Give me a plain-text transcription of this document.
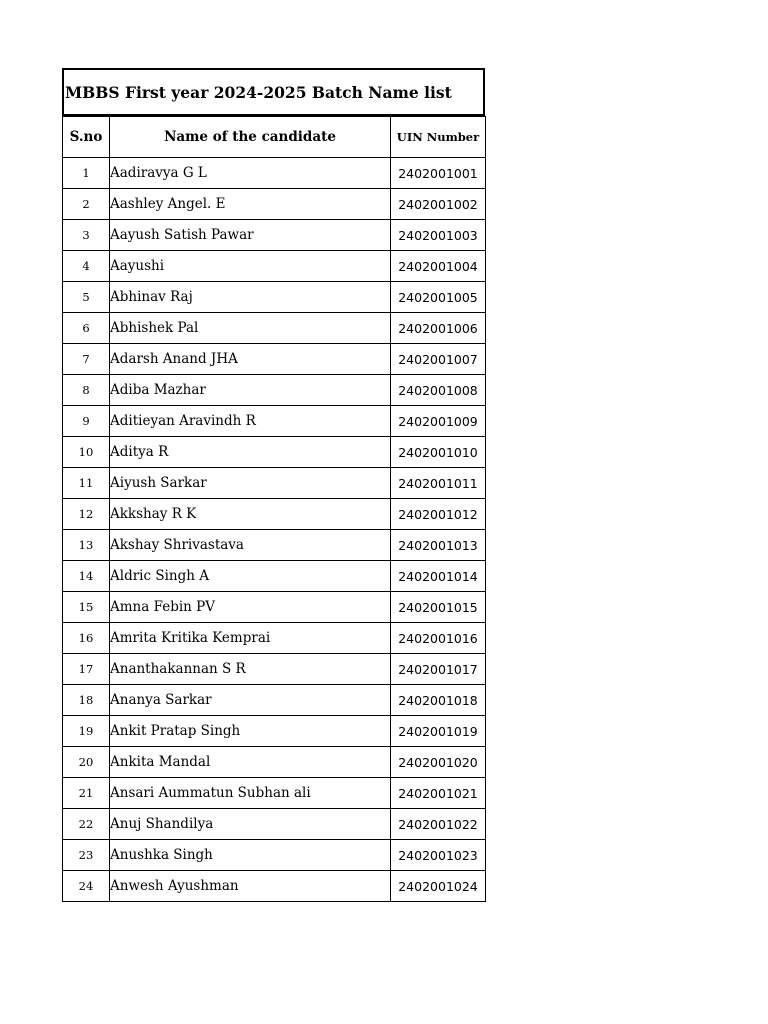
MBBS First year 2024-2025 Batch Name list
S.no	Name of the candidate	UIN Number
1	Aadiravya G L	2402001001
2	Aashley Angel. E	2402001002
3	Aayush Satish Pawar	2402001003
4	Aayushi	2402001004
5	Abhinav Raj	2402001005
6	Abhishek Pal	2402001006
7	Adarsh Anand JHA	2402001007
8	Adiba Mazhar	2402001008
9	Aditieyan Aravindh R	2402001009
10	Aditya R	2402001010
11	Aiyush Sarkar	2402001011
12	Akkshay R K	2402001012
13	Akshay Shrivastava	2402001013
14	Aldric Singh A	2402001014
15	Amna Febin PV	2402001015
16	Amrita Kritika Kemprai	2402001016
17	Ananthakannan S R	2402001017
18	Ananya Sarkar	2402001018
19	Ankit Pratap Singh	2402001019
20	Ankita Mandal	2402001020
21	Ansari Aummatun Subhan ali	2402001021
22	Anuj Shandilya	2402001022
23	Anushka Singh	2402001023
24	Anwesh Ayushman	2402001024
